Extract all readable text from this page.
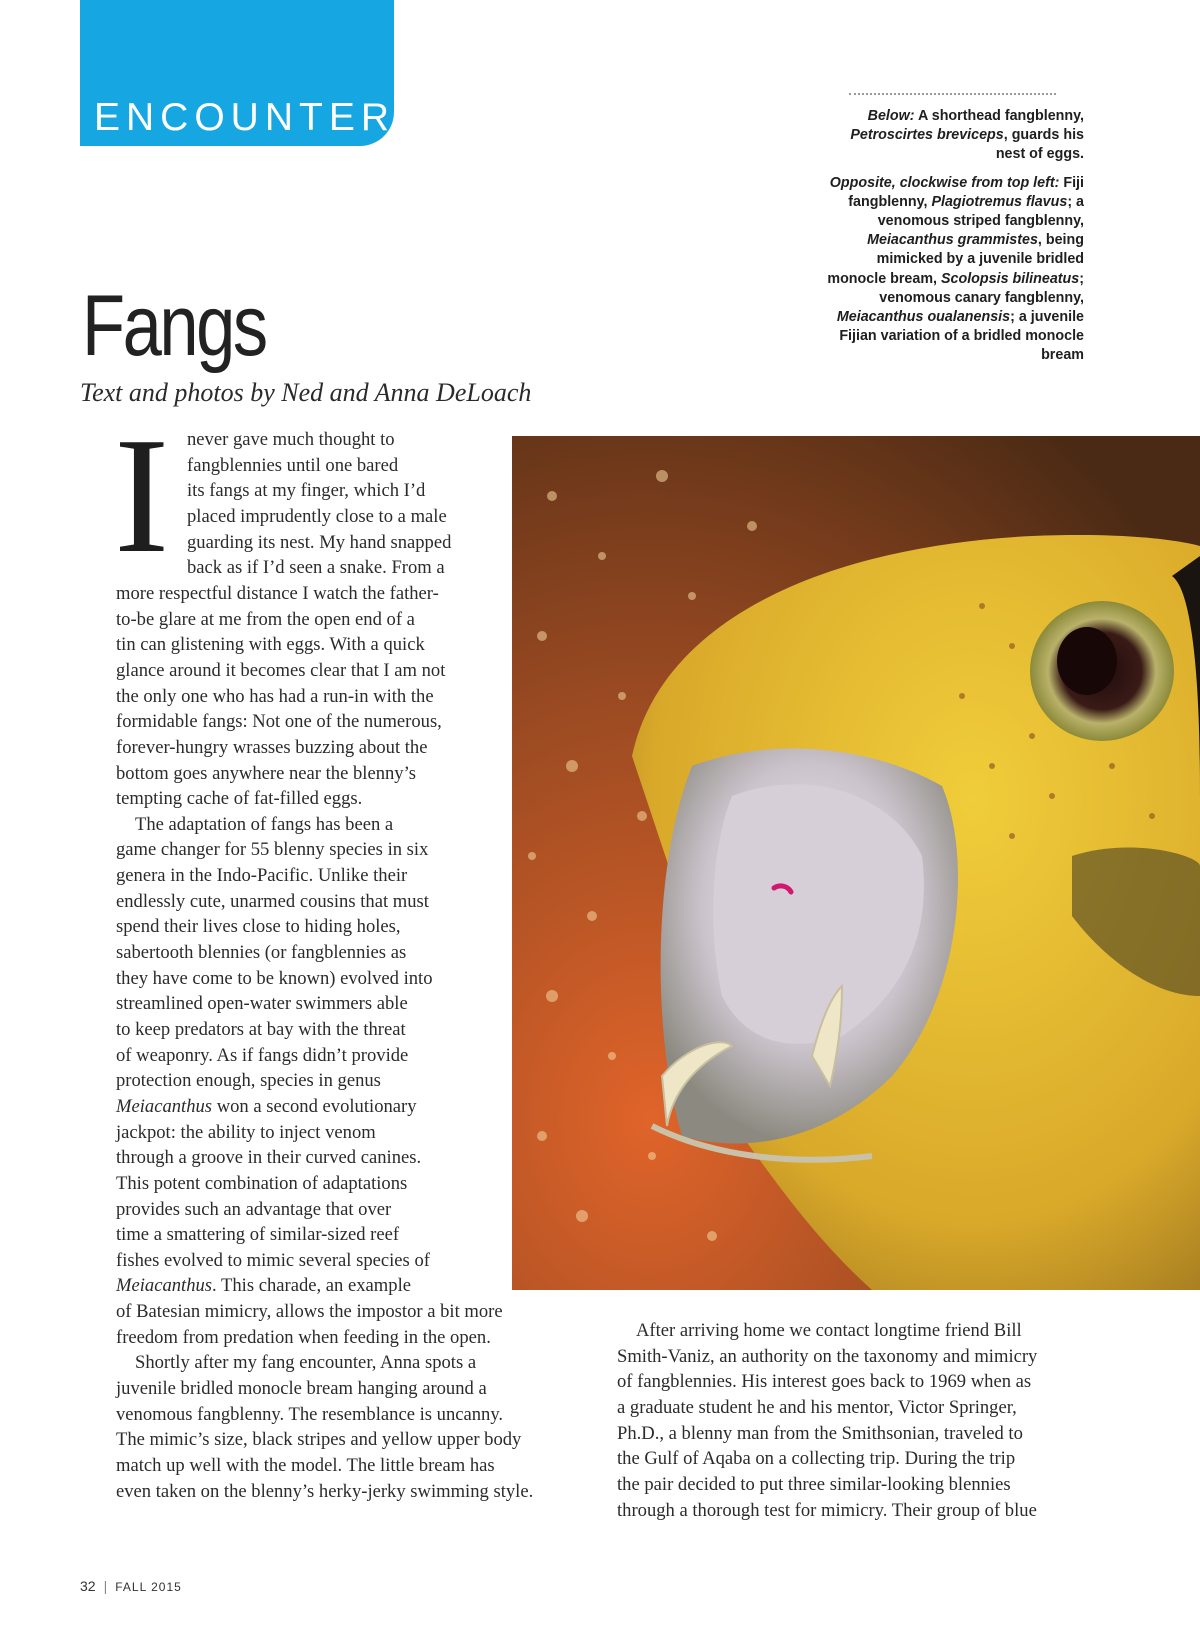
ENCOUNTERS	Below: A shorthead fangblenny, Petroscirtes breviceps, guards his nest of eggs.

Opposite, clockwise from top left: Fiji fangblenny, Plagiotremus flavus; a venomous striped fangblenny, Meiacanthus grammistes, being mimicked by a juvenile bridled monocle bream, Scolopsis bilineatus; venomous canary fangblenny, Meiacanthus oualanensis; a juvenile Fijian variation of a bridled monocle bream

Fangs

Text and photos by Ned and Anna DeLoach

I never gave much thought to
fangblennies until one bared
its fangs at my finger, which I’d
placed imprudently close to a male
guarding its nest. My hand snapped
back as if I’d seen a snake. From a
more respectful distance I watch the father-
to-be glare at me from the open end of a
tin can glistening with eggs. With a quick
glance around it becomes clear that I am not
the only one who has had a run-in with the
formidable fangs: Not one of the numerous,
forever-hungry wrasses buzzing about the
bottom goes anywhere near the blenny’s
tempting cache of fat-filled eggs.
The adaptation of fangs has been a
game changer for 55 blenny species in six
genera in the Indo-Pacific. Unlike their
endlessly cute, unarmed cousins that must
spend their lives close to hiding holes,
sabertooth blennies (or fangblennies as
they have come to be known) evolved into
streamlined open-water swimmers able
to keep predators at bay with the threat
of weaponry. As if fangs didn’t provide
protection enough, species in genus
Meiacanthus won a second evolutionary
jackpot: the ability to inject venom
through a groove in their curved canines.
This potent combination of adaptations
provides such an advantage that over
time a smattering of similar-sized reef
fishes evolved to mimic several species of
Meiacanthus. This charade, an example
of Batesian mimicry, allows the impostor a bit more
freedom from predation when feeding in the open.
Shortly after my fang encounter, Anna spots a
juvenile bridled monocle bream hanging around a
venomous fangblenny. The resemblance is uncanny.
The mimic’s size, black stripes and yellow upper body
match up well with the model. The little bream has
even taken on the blenny’s herky-jerky swimming style.
After arriving home we contact longtime friend Bill
Smith-Vaniz, an authority on the taxonomy and mimicry
of fangblennies. His interest goes back to 1969 when as
a graduate student he and his mentor, Victor Springer,
Ph.D., a blenny man from the Smithsonian, traveled to
the Gulf of Aqaba on a collecting trip. During the trip
the pair decided to put three similar-looking blennies
through a thorough test for mimicry. Their group of blue
32 | FALL 2015
